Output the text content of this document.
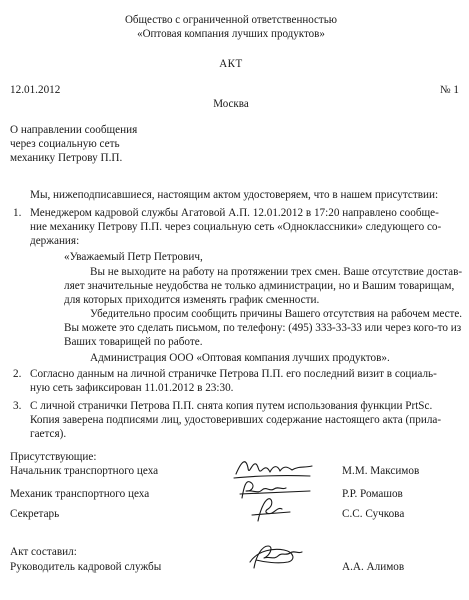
Общество с ограниченной ответственностью
«Оптовая компания лучших продуктов»
АКТ
12.01.2012	№ 1
Москва
О направлении сообщения
через социальную сеть
механику Петрову П.П.
Мы, нижеподписавшиеся, настоящим актом удостоверяем, что в нашем присутствии:
1. Менеджером кадровой службы Агатовой А.П. 12.01.2012 в 17:20 направлено сообще-
ние механику Петрову П.П. через социальную сеть «Одноклассники» следующего со-
держания:
«Уважаемый Петр Петрович,
Вы не выходите на работу на протяжении трех смен. Ваше отсутствие достав-
ляет значительные неудобства не только администрации, но и Вашим товарищам,
для которых приходится изменять график сменности.
Убедительно просим сообщить причины Вашего отсутствия на рабочем месте.
Вы можете это сделать письмом, по телефону: (495) 333-33-33 или через кого-то из
Ваших товарищей по работе.
Администрация ООО «Оптовая компания лучших продуктов».
2. Согласно данным на личной страничке Петрова П.П. его последний визит в социаль-
ную сеть зафиксирован 11.01.2012 в 23:30.
3. С личной странички Петрова П.П. снята копия путем использования функции PrtSc.
Копия заверена подписями лиц, удостоверивших содержание настоящего акта (прила-
гается).
Присутствующие:
Начальник транспортного цеха	М.М. Максимов
Механик транспортного цеха	Р.Р. Ромашов
Секретарь	С.С. Сучкова
Акт составил:
Руководитель кадровой службы	А.А. Алимов
